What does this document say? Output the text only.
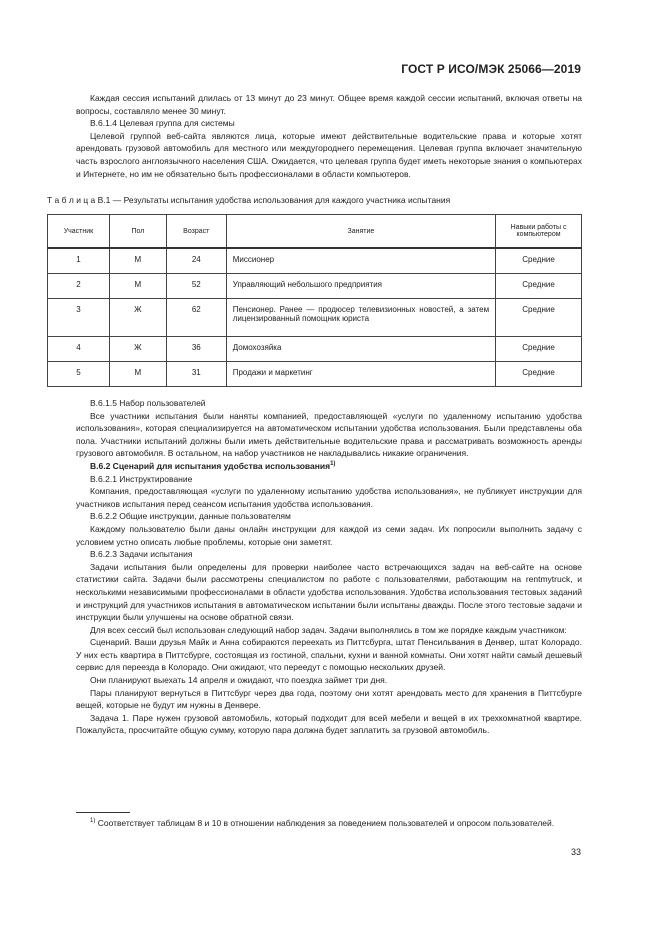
ГОСТ Р ИСО/МЭК 25066—2019

Каждая сессия испытаний длилась от 13 минут до 23 минут. Общее время каждой сессии испытаний, включая ответы на вопросы, составляло менее 30 минут.

B.6.1.4 Целевая группа для системы

Целевой группой веб-сайта являются лица, которые имеют действительные водительские права и которые хотят арендовать грузовой автомобиль для местного или междугороднего перемещения. Целевая группа включает значительную часть взрослого англоязычного населения США. Ожидается, что целевая группа будет иметь некоторые знания о компьютерах и Интернете, но им не обязательно быть профессионалами в области компьютеров.

Т а б л и ц а B.1 — Результаты испытания удобства использования для каждого участника испытания
Участник	Пол	Возраст	Занятие	Навыки работы с компьютером
1	М	24	Миссионер	Средние
2	М	52	Управляющий небольшого предприятия	Средние
3	Ж	62	Пенсионер. Ранее — продюсер телевизионных новостей, а затем лицензированный помощник юриста	Средние
4	Ж	36	Домохозяйка	Средние
5	М	31	Продажи и маркетинг	Средние

B.6.1.5 Набор пользователей

Все участники испытания были наняты компанией, предоставляющей «услуги по удаленному испытанию удобства использования», которая специализируется на автоматическом испытании удобства использования. Были представлены оба пола. Участники испытаний должны были иметь действительные водительские права и рассматривать возможность аренды грузового автомобиля. В остальном, на набор участников не накладывались никакие ограничения.

B.6.2 Сценарий для испытания удобства использования$^{1)}$

B.6.2.1 Инструктирование

Компания, предоставляющая «услуги по удаленному испытанию удобства использования», не публикует инструкции для участников испытания перед сеансом испытания удобства использования.

B.6.2.2 Общие инструкции, данные пользователям

Каждому пользователю были даны онлайн инструкции для каждой из семи задач. Их попросили выполнить задачу с условием устно описать любые проблемы, которые они заметят.

B.6.2.3 Задачи испытания

Задачи испытания были определены для проверки наиболее часто встречающихся задач на веб-сайте на основе статистики сайта. Задачи были рассмотрены специалистом по работе с пользователями, работающим на rentmytruck, и несколькими независимыми профессионалами в области удобства использования. Удобства использования тестовых заданий и инструкций для участников испытания в автоматическом испытании были испытаны дважды. После этого тестовые задачи и инструкции были улучшены на основе обратной связи.

Для всех сессий был использован следующий набор задач. Задачи выполнялись в том же порядке каждым участником:

Сценарий. Ваши друзья Майк и Анна собираются переехать из Питтсбурга, штат Пенсильвания в Денвер, штат Колорадо. У них есть квартира в Питтсбурге, состоящая из гостиной, спальни, кухни и ванной комнаты. Они хотят найти самый дешевый сервис для переезда в Колорадо. Они ожидают, что переедут с помощью нескольких друзей.

Они планируют выехать 14 апреля и ожидают, что поездка займет три дня.

Пары планируют вернуться в Питтсбург через два года, поэтому они хотят арендовать место для хранения в Питтсбурге вещей, которые не будут им нужны в Денвере.

Задача 1. Паре нужен грузовой автомобиль, который подходит для всей мебели и вещей в их трехкомнатной квартире. Пожалуйста, просчитайте общую сумму, которую пара должна будет заплатить за грузовой автомобиль.

$^{1)}$ Соответствует таблицам 8 и 10 в отношении наблюдения за поведением пользователей и опросом пользователей.
33
